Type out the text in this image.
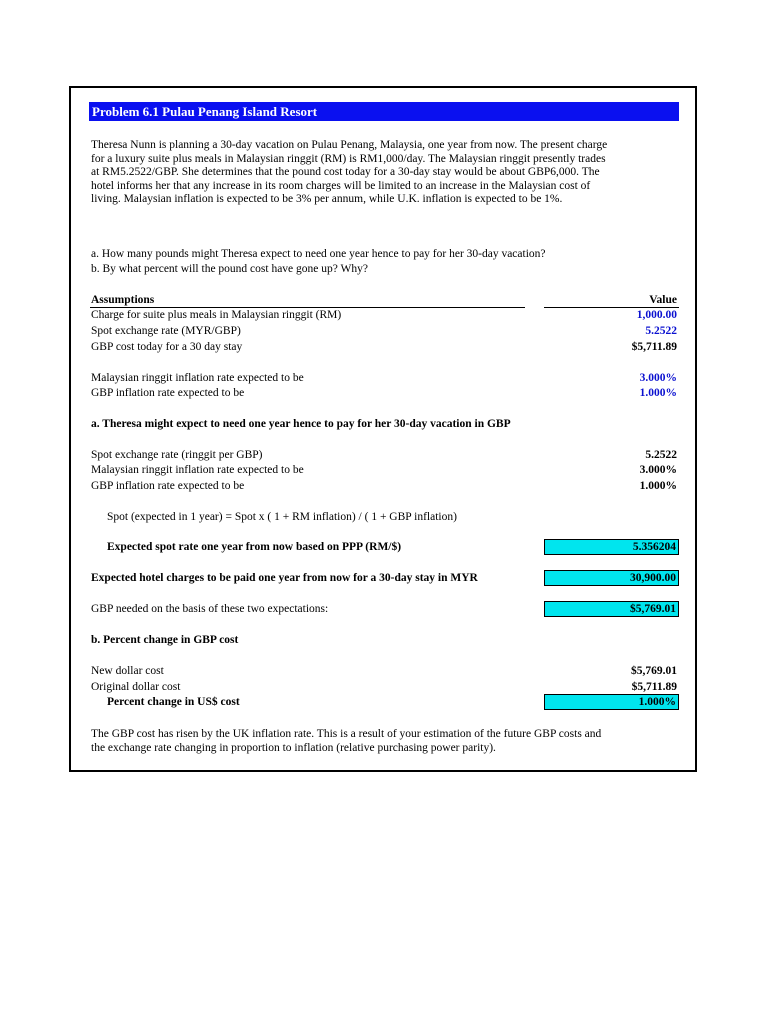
Problem 6.1 Pulau Penang Island Resort
Theresa Nunn is planning a 30-day vacation on Pulau Penang, Malaysia, one year from now. The present charge
for a luxury suite plus meals in Malaysian ringgit (RM) is RM1,000/day. The Malaysian ringgit presently trades
at RM5.2522/GBP. She determines that the pound cost today for a 30-day stay would be about GBP6,000. The
hotel informs her that any increase in its room charges will be limited to an increase in the Malaysian cost of
living. Malaysian inflation is expected to be 3% per annum, while U.K. inflation is expected to be 1%.
a. How many pounds might Theresa expect to need one year hence to pay for her 30-day vacation?
b. By what percent will the pound cost have gone up? Why?
Assumptions	Value
Charge for suite plus meals in Malaysian ringgit (RM)	1,000.00
Spot exchange rate (MYR/GBP)	5.2522
GBP cost today for a 30 day stay	$5,711.89
Malaysian ringgit inflation rate expected to be	3.000%
GBP inflation rate expected to be	1.000%
a. Theresa might expect to need one year hence to pay for her 30-day vacation in GBP
Spot exchange rate (ringgit per GBP)	5.2522
Malaysian ringgit inflation rate expected to be	3.000%
GBP inflation rate expected to be	1.000%
Spot (expected in 1 year) = Spot x ( 1 + RM inflation) / ( 1 + GBP inflation)
Expected spot rate one year from now based on PPP (RM/$)	5.356204
Expected hotel charges to be paid one year from now for a 30-day stay in MYR	30,900.00
GBP needed on the basis of these two expectations:	$5,769.01
b. Percent change in GBP cost
New dollar cost	$5,769.01
Original dollar cost	$5,711.89
Percent change in US$ cost	1.000%
The GBP cost has risen by the UK inflation rate. This is a result of your estimation of the future GBP costs and
the exchange rate changing in proportion to inflation (relative purchasing power parity).
